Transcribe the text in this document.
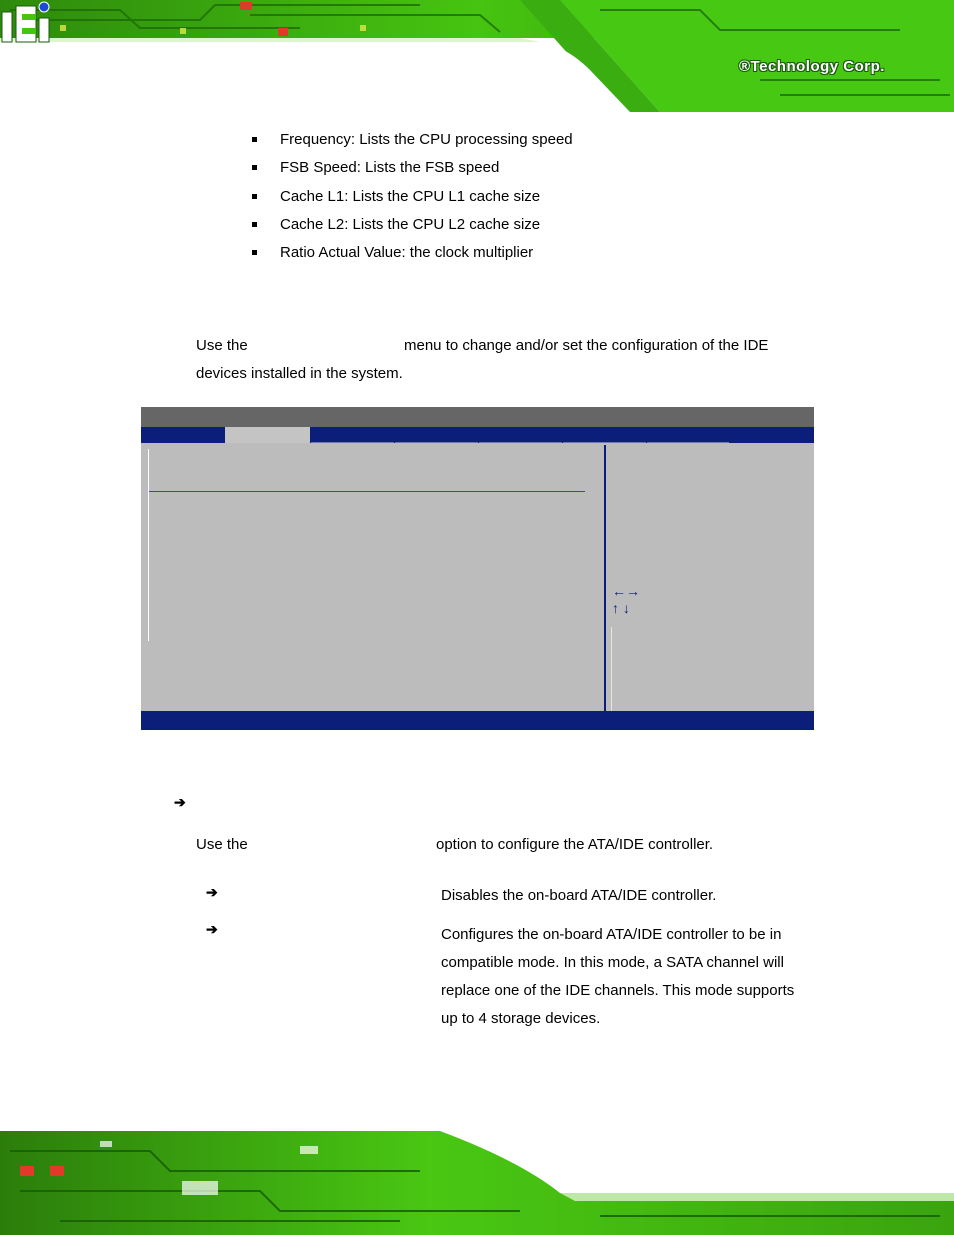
®Technology Corp.
Frequency: Lists the CPU processing speed
FSB Speed: Lists the FSB speed
Cache L1: Lists the CPU L1 cache size
Cache L2: Lists the CPU L2 cache size
Ratio Actual Value: the clock multiplier
Use the	menu to change and/or set the configuration of the IDE
devices installed in the system.
←→
↑ ↓
➔
Use the	option to configure the ATA/IDE controller.
➔	Disables the on-board ATA/IDE controller.
➔	Configures the on-board ATA/IDE controller to be in
compatible mode. In this mode, a SATA channel will
replace one of the IDE channels. This mode supports
up to 4 storage devices.
